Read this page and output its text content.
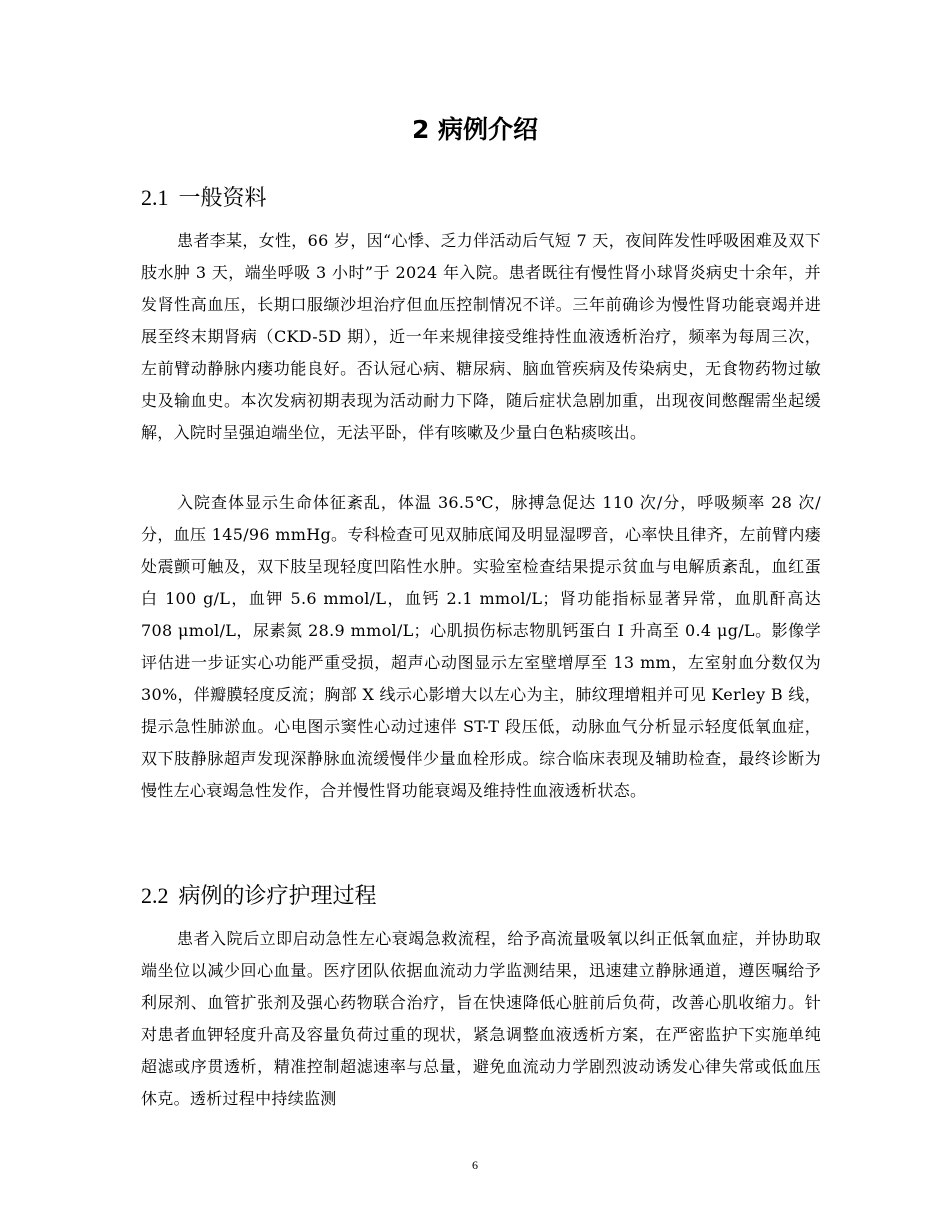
2 病例介绍
2.1 一般资料

患者李某，女性，66 岁，因“心悸、乏力伴活动后气短 7 天，夜间阵发性呼吸困难及双下肢水肿 3 天，端坐呼吸 3 小时”于 2024 年入院。患者既往有慢性肾小球肾炎病史十余年，并发肾性高血压，长期口服缬沙坦治疗但血压控制情况不详。三年前确诊为慢性肾功能衰竭并进展至终末期肾病（CKD-5D 期），近一年来规律接受维持性血液透析治疗，频率为每周三次，左前臂动静脉内瘘功能良好。否认冠心病、糖尿病、脑血管疾病及传染病史，无食物药物过敏史及输血史。本次发病初期表现为活动耐力下降，随后症状急剧加重，出现夜间憋醒需坐起缓解，入院时呈强迫端坐位，无法平卧，伴有咳嗽及少量白色粘痰咳出。

入院查体显示生命体征紊乱，体温 36.5℃，脉搏急促达 110 次/分，呼吸频率 28 次/分，血压 145/96 mmHg。专科检查可见双肺底闻及明显湿啰音，心率快且律齐，左前臂内瘘处震颤可触及，双下肢呈现轻度凹陷性水肿。实验室检查结果提示贫血与电解质紊乱，血红蛋白 100 g/L，血钾 5.6 mmol/L，血钙 2.1 mmol/L；肾功能指标显著异常，血肌酐高达 708 μmol/L，尿素氮 28.9 mmol/L；心肌损伤标志物肌钙蛋白 I 升高至 0.4 μg/L。影像学评估进一步证实心功能严重受损，超声心动图显示左室壁增厚至 13 mm，左室射血分数仅为 30%，伴瓣膜轻度反流；胸部 X 线示心影增大以左心为主，肺纹理增粗并可见 Kerley B 线，提示急性肺淤血。心电图示窦性心动过速伴 ST-T 段压低，动脉血气分析显示轻度低氧血症，双下肢静脉超声发现深静脉血流缓慢伴少量血栓形成。综合临床表现及辅助检查，最终诊断为慢性左心衰竭急性发作，合并慢性肾功能衰竭及维持性血液透析状态。

2.2 病例的诊疗护理过程

患者入院后立即启动急性左心衰竭急救流程，给予高流量吸氧以纠正低氧血症，并协助取端坐位以减少回心血量。医疗团队依据血流动力学监测结果，迅速建立静脉通道，遵医嘱给予利尿剂、血管扩张剂及强心药物联合治疗，旨在快速降低心脏前后负荷，改善心肌收缩力。针对患者血钾轻度升高及容量负荷过重的现状，紧急调整血液透析方案，在严密监护下实施单纯超滤或序贯透析，精准控制超滤速率与总量，避免血流动力学剧烈波动诱发心律失常或低血压休克。透析过程中持续监测

6
